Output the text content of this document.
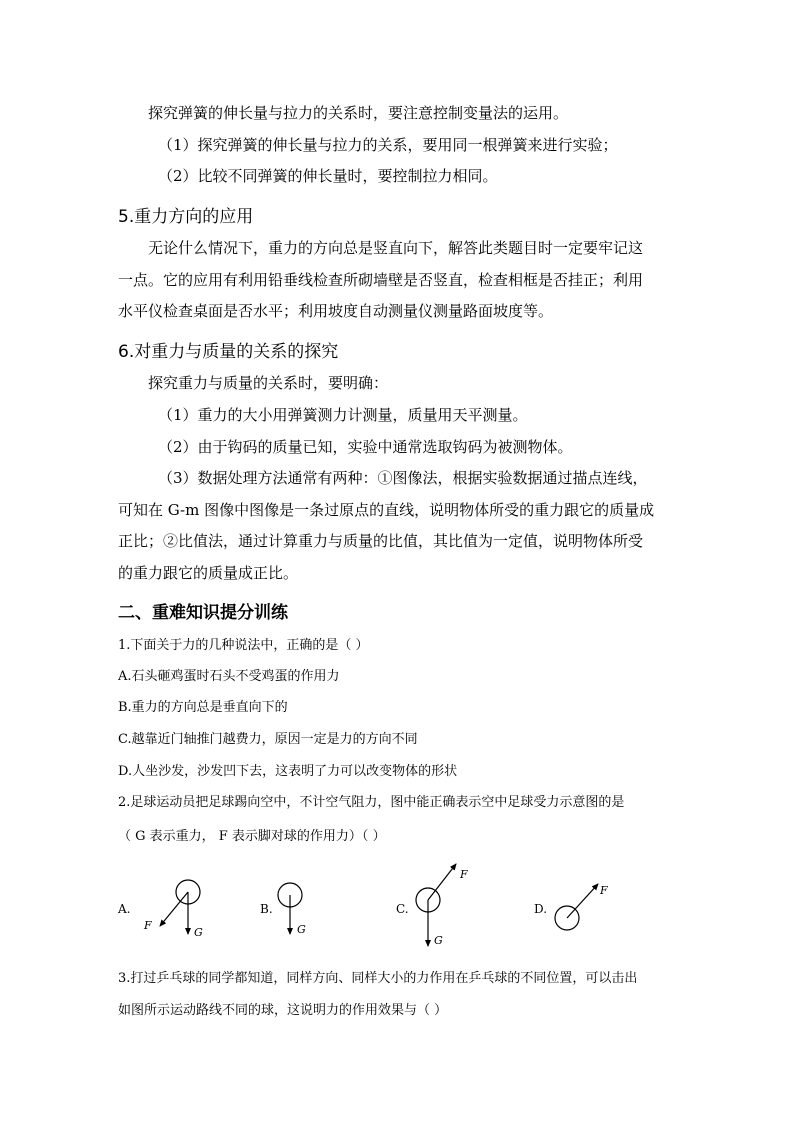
探究弹簧的伸长量与拉力的关系时，要注意控制变量法的运用。
（1）探究弹簧的伸长量与拉力的关系，要用同一根弹簧来进行实验；
（2）比较不同弹簧的伸长量时，要控制拉力相同。
5.重力方向的应用
无论什么情况下，重力的方向总是竖直向下，解答此类题目时一定要牢记这
一点。它的应用有利用铅垂线检查所砌墙壁是否竖直，检查相框是否挂正；利用
水平仪检查桌面是否水平；利用坡度自动测量仪测量路面坡度等。
6.对重力与质量的关系的探究
探究重力与质量的关系时，要明确：
（1）重力的大小用弹簧测力计测量，质量用天平测量。
（2）由于钩码的质量已知，实验中通常选取钩码为被测物体。
（3）数据处理方法通常有两种：①图像法，根据实验数据通过描点连线，
可知在 G-m 图像中图像是一条过原点的直线，说明物体所受的重力跟它的质量成
正比；②比值法，通过计算重力与质量的比值，其比值为一定值，说明物体所受
的重力跟它的质量成正比。
二、重难知识提分训练
1.下面关于力的几种说法中，正确的是（ ）
A.石头砸鸡蛋时石头不受鸡蛋的作用力
B.重力的方向总是垂直向下的
C.越靠近门轴推门越费力，原因一定是力的方向不同
D.人坐沙发，沙发凹下去，这表明了力可以改变物体的形状
2.足球运动员把足球踢向空中，不计空气阻力，图中能正确表示空中足球受力示意图的是
（ G 表示重力， F 表示脚对球的作用力）（ ）
A.
F
G
B.
G
C.
F
G
D.
F
3.打过乒乓球的同学都知道，同样方向、同样大小的力作用在乒乓球的不同位置，可以击出
如图所示运动路线不同的球，这说明力的作用效果与（ ）
